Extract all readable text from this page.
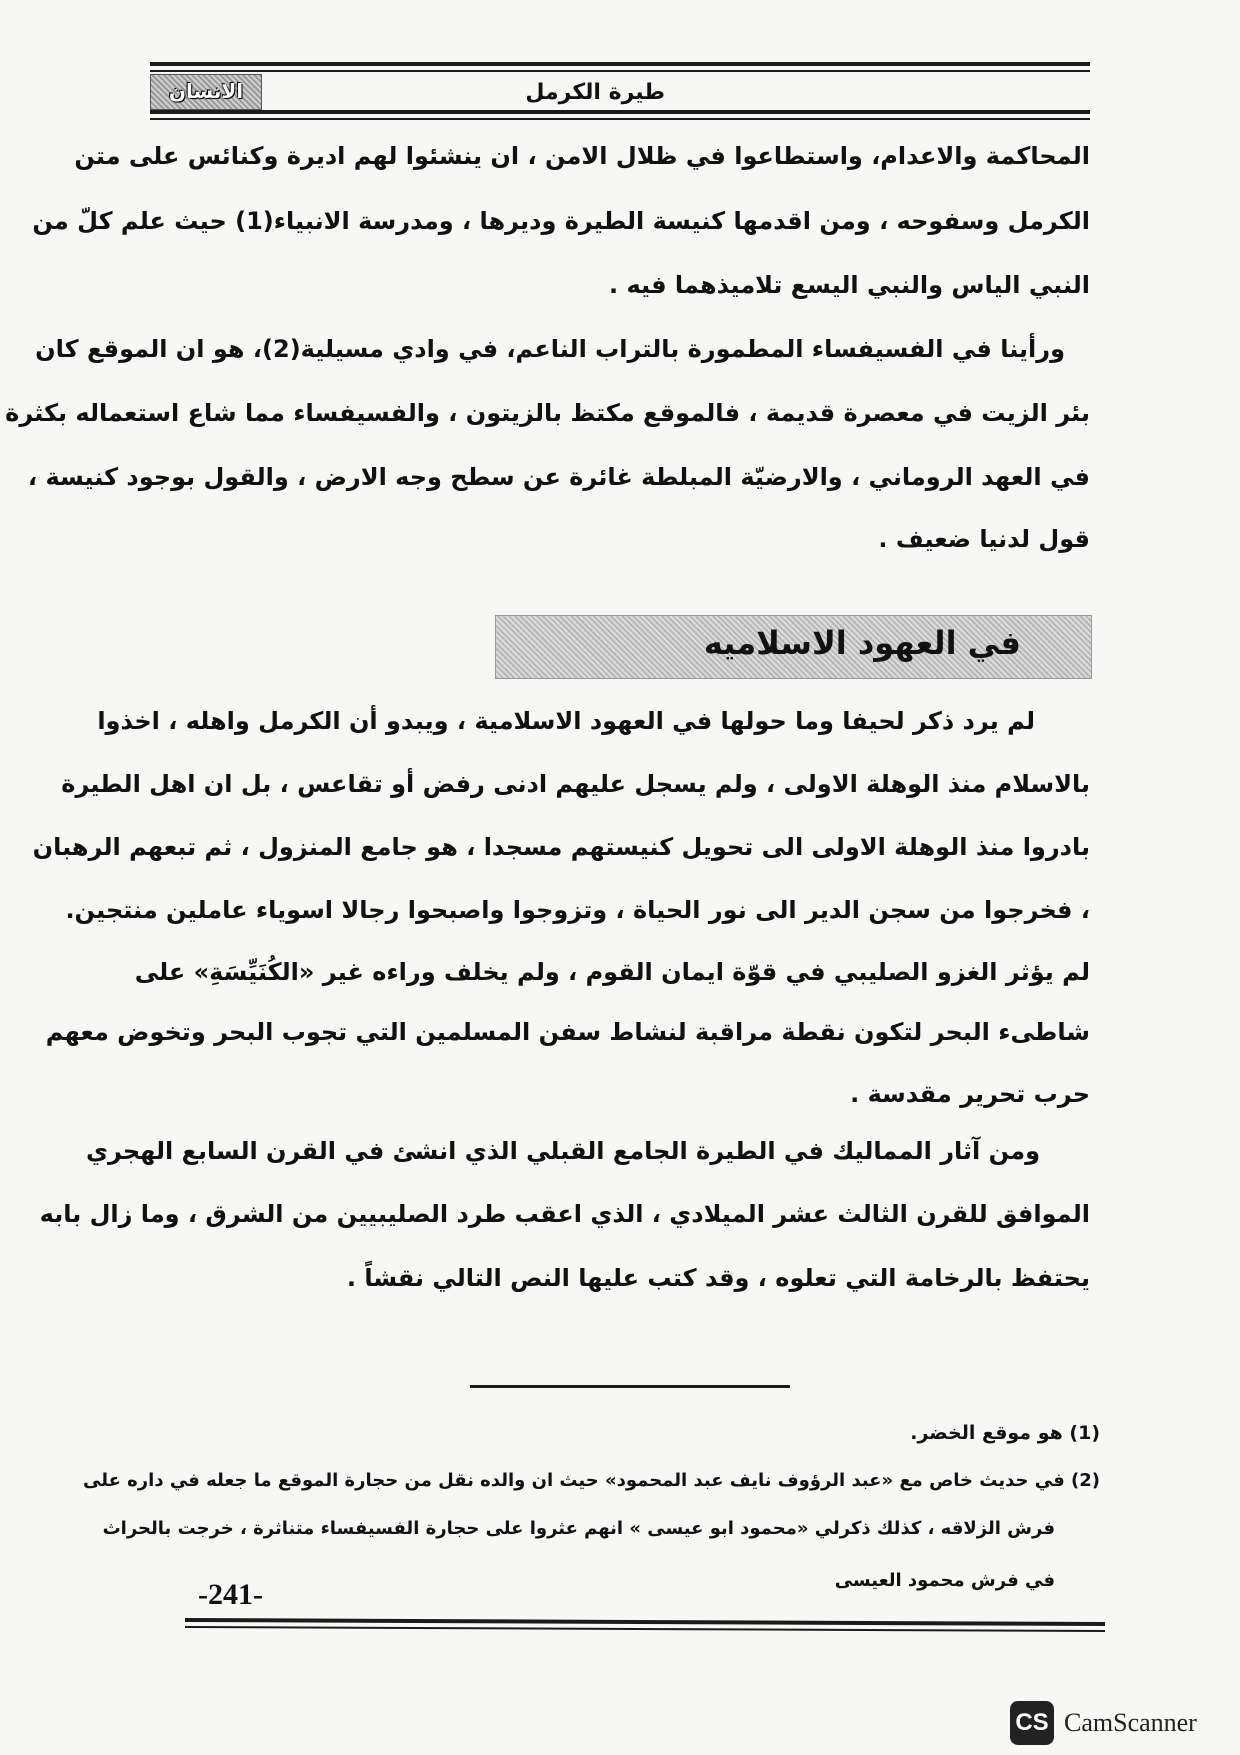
الانسان	طيرة الكرمل
المحاكمة والاعدام، واستطاعوا في ظلال الامن ، ان ينشئوا لهم اديرة وكنائس على متن
الكرمل وسفوحه ، ومن اقدمها كنيسة الطيرة وديرها ، ومدرسة الانبياء(1) حيث علم كلّ من
النبي الياس والنبي اليسع تلاميذهما فيه .
ورأينا في الفسيفساء المطمورة بالتراب الناعم، في وادي مسيلية(2)، هو ان الموقع كان
بئر الزيت في معصرة قديمة ، فالموقع مكتظ بالزيتون ، والفسيفساء مما شاع استعماله بكثرة
في العهد الروماني ، والارضيّة المبلطة غائرة عن سطح وجه الارض ، والقول بوجود كنيسة ،
قول لدنيا ضعيف .
في العهود الاسلاميه
لم يرد ذكر لحيفا وما حولها في العهود الاسلامية ، ويبدو أن الكرمل واهله ، اخذوا
بالاسلام منذ الوهلة الاولى ، ولم يسجل عليهم ادنى رفض أو تقاعس ، بل ان اهل الطيرة
بادروا منذ الوهلة الاولى الى تحويل كنيستهم مسجدا ، هو جامع المنزول ، ثم تبعهم الرهبان
، فخرجوا من سجن الدير الى نور الحياة ، وتزوجوا واصبحوا رجالا اسوياء عاملين منتجين.
لم يؤثر الغزو الصليبي في قوّة ايمان القوم ، ولم يخلف وراءه غير «الكُنَيِّسَةِ» على
شاطىء البحر لتكون نقطة مراقبة لنشاط سفن المسلمين التي تجوب البحر وتخوض معهم
حرب تحرير مقدسة .
ومن آثار المماليك في الطيرة الجامع القبلي الذي انشئ في القرن السابع الهجري
الموافق للقرن الثالث عشر الميلادي ، الذي اعقب طرد الصليبيين من الشرق ، وما زال بابه
يحتفظ بالرخامة التي تعلوه ، وقد كتب عليها النص التالي نقشاً .
(1) هو موقع الخضر.
(2) في حديث خاص مع «عبد الرؤوف نايف عبد المحمود» حيث ان والده نقل من حجارة الموقع ما جعله في داره على
فرش الزلاقه ، كذلك ذكرلي «محمود ابو عيسى » انهم عثروا على حجارة الفسيفساء متناثرة ، خرجت بالحراث
في فرش محمود العيسى
-241-
CS CamScanner
